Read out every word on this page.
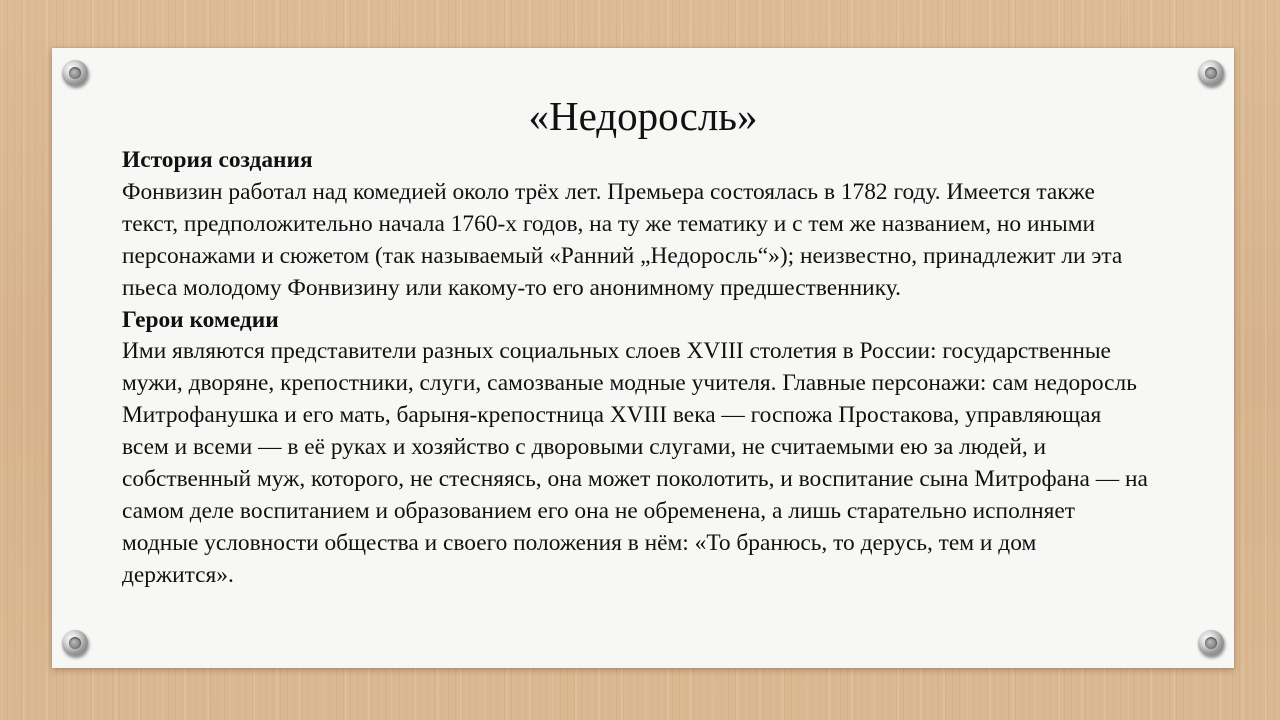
«Недоросль»

История создания

Фонвизин работал над комедией около трёх лет. Премьера состоялась в 1782 году. Имеется также текст, предположительно начала 1760-х годов, на ту же тематику и с тем же названием, но иными персонажами и сюжетом (так называемый «Ранний „Недоросль“»); неизвестно, принадлежит ли эта пьеса молодому Фонвизину или какому-то его анонимному предшественнику.

Герои комедии

Ими являются представители разных социальных слоев XVIII столетия в России: государственные мужи, дворяне, крепостники, слуги, самозваные модные учителя. Главные персонажи: сам недоросль Митрофанушка и его мать, барыня-крепостница XVIII века — госпожа Простакова, управляющая всем и всеми — в её руках и хозяйство с дворовыми слугами, не считаемыми ею за людей, и собственный муж, которого, не стесняясь, она может поколотить, и воспитание сына Митрофана — на самом деле воспитанием и образованием его она не обременена, а лишь старательно исполняет модные условности общества и своего положения в нём: «То бранюсь, то дерусь, тем и дом держится».
